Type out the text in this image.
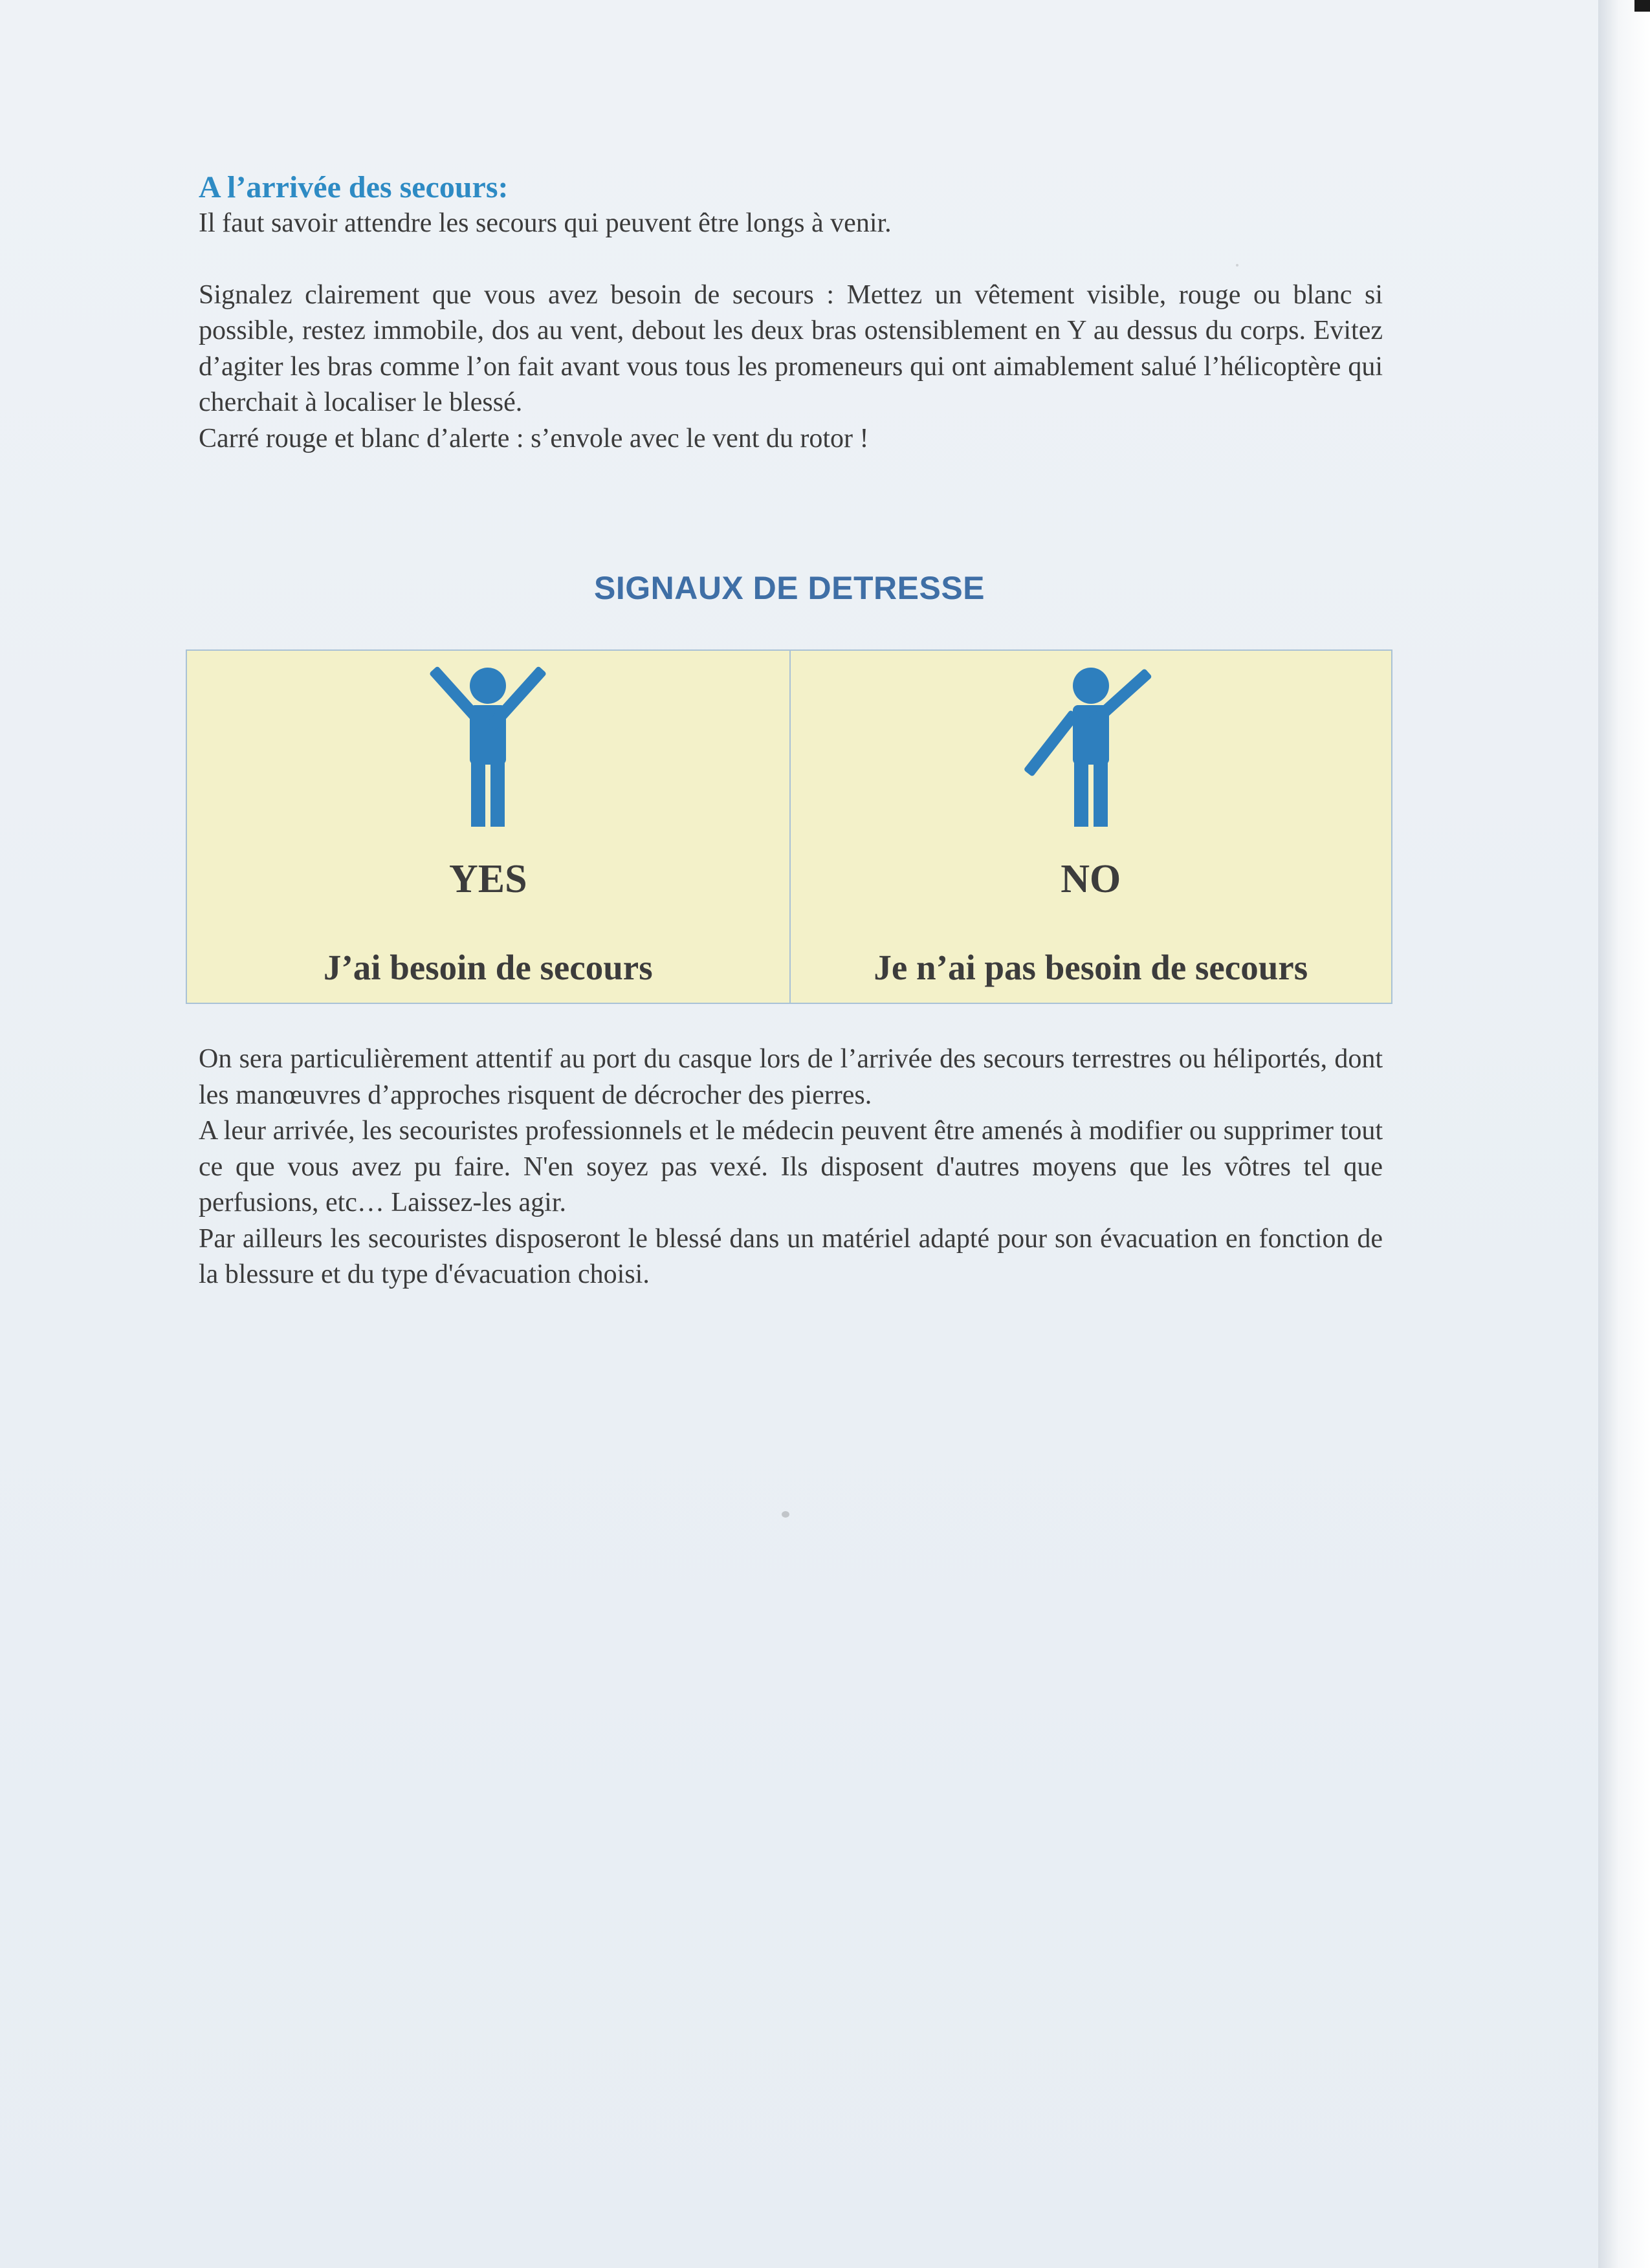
A l’arrivée des secours:

Il faut savoir attendre les secours qui peuvent être longs à venir.

Signalez clairement que vous avez besoin de secours : Mettez un vêtement visible, rouge ou blanc si possible, restez immobile, dos au vent, debout les deux bras ostensiblement en Y au dessus du corps. Evitez d’agiter les bras comme l’on fait avant vous tous les promeneurs qui ont aimablement salué l’hélicoptère qui cherchait à localiser le blessé.

Carré rouge et blanc d’alerte : s’envole avec le vent du rotor !

SIGNAUX DE DETRESSE

YES

J’ai besoin de secours

NO

Je n’ai pas besoin de secours

On sera particulièrement attentif au port du casque lors de l’arrivée des secours terrestres ou héliportés, dont les manœuvres d’approches risquent de décrocher des pierres.

A leur arrivée, les secouristes professionnels et le médecin peuvent être amenés à modifier ou supprimer tout ce que vous avez pu faire. N'en soyez pas vexé. Ils disposent d'autres moyens que les vôtres tel que perfusions, etc… Laissez-les agir.

Par ailleurs les secouristes disposeront le blessé dans un matériel adapté pour son évacuation en fonction de la blessure et du type d'évacuation choisi.
